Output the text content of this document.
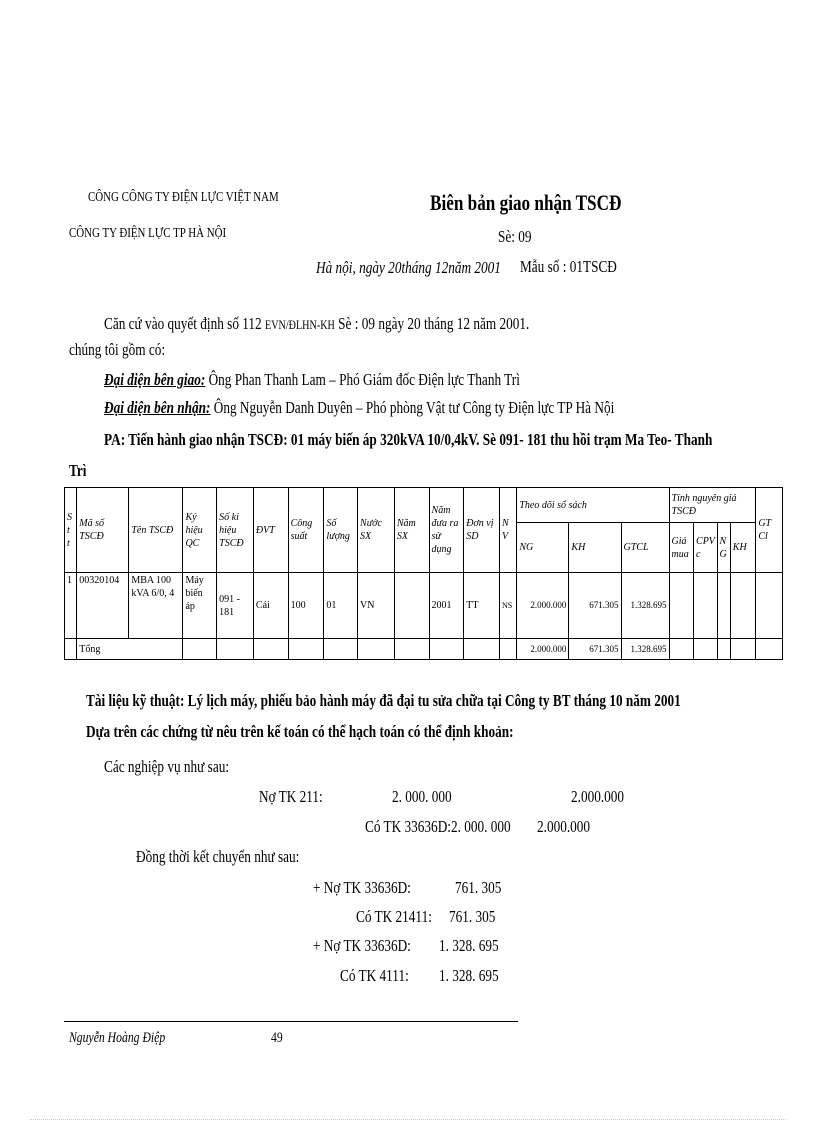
CÔNG CÔNG TY ĐIỆN LỰC VIỆT NAM
CÔNG TY ĐIỆN LỰC TP HÀ NỘI
Biên bản giao nhận TSCĐ
Sè: 09
Hà nội, ngày 20tháng 12năm 2001	Mẫu số : 01TSCĐ
Căn cứ vào quyết định số 112 EVN/ĐLHN-KH Sè : 09 ngày 20 tháng 12 năm 2001.
chúng tôi gồm có:
Đại diện bên giao: Ông Phan Thanh Lam – Phó Giám đốc Điện lực Thanh Trì
Đại diện bên nhận: Ông Nguyễn Danh Duyên – Phó phòng Vật tư Công ty Điện lực TP Hà Nội
PA: Tiến hành giao nhận TSCĐ: 01 máy biến áp 320kVA 10/0,4kV. Sè 091- 181 thu hồi trạm Ma Teo- Thanh
Trì
S t t	Mã số TSCĐ	Tên TSCĐ	Ký hiệu QC	Số ki hiệu TSCĐ	ĐVT	Công suất	Số lượng	Nước SX	Năm SX	Năm đưa ra sử dụng	Đơn vị SD	N V	Theo dõi sổ sách			Tính nguyên giá TSCĐ				GT Cl
													NG	KH	GTCL	Giá mua	CPV c	N G	KH	
1	00320104	MBA 100 kVA 6/0, 4	Máy biến áp	091 - 181	Cái	100	01	VN		2001	TT	NS	2.000.000	671.305	1.328.695					
	Tổng												2.000.000	671.305	1.328.695					
Tài liệu kỹ thuật: Lý lịch máy, phiếu bảo hành máy đã đại tu sửa chữa tại Công ty BT tháng 10 năm 2001
Dựa trên các chứng từ nêu trên kế toán có thể hạch toán có thể định khoản:
Các nghiệp vụ như sau:
Nợ TK 211:	2. 000. 000	2.000.000
Có TK 33636D:2. 000. 000	2.000.000
Đồng thời kết chuyển như sau:
+ Nợ TK 33636D:	761. 305
Có TK 21411:	761. 305
+ Nợ TK 33636D:	1. 328. 695
Có TK 4111:	1. 328. 695
Nguyễn Hoàng Điệp	49
